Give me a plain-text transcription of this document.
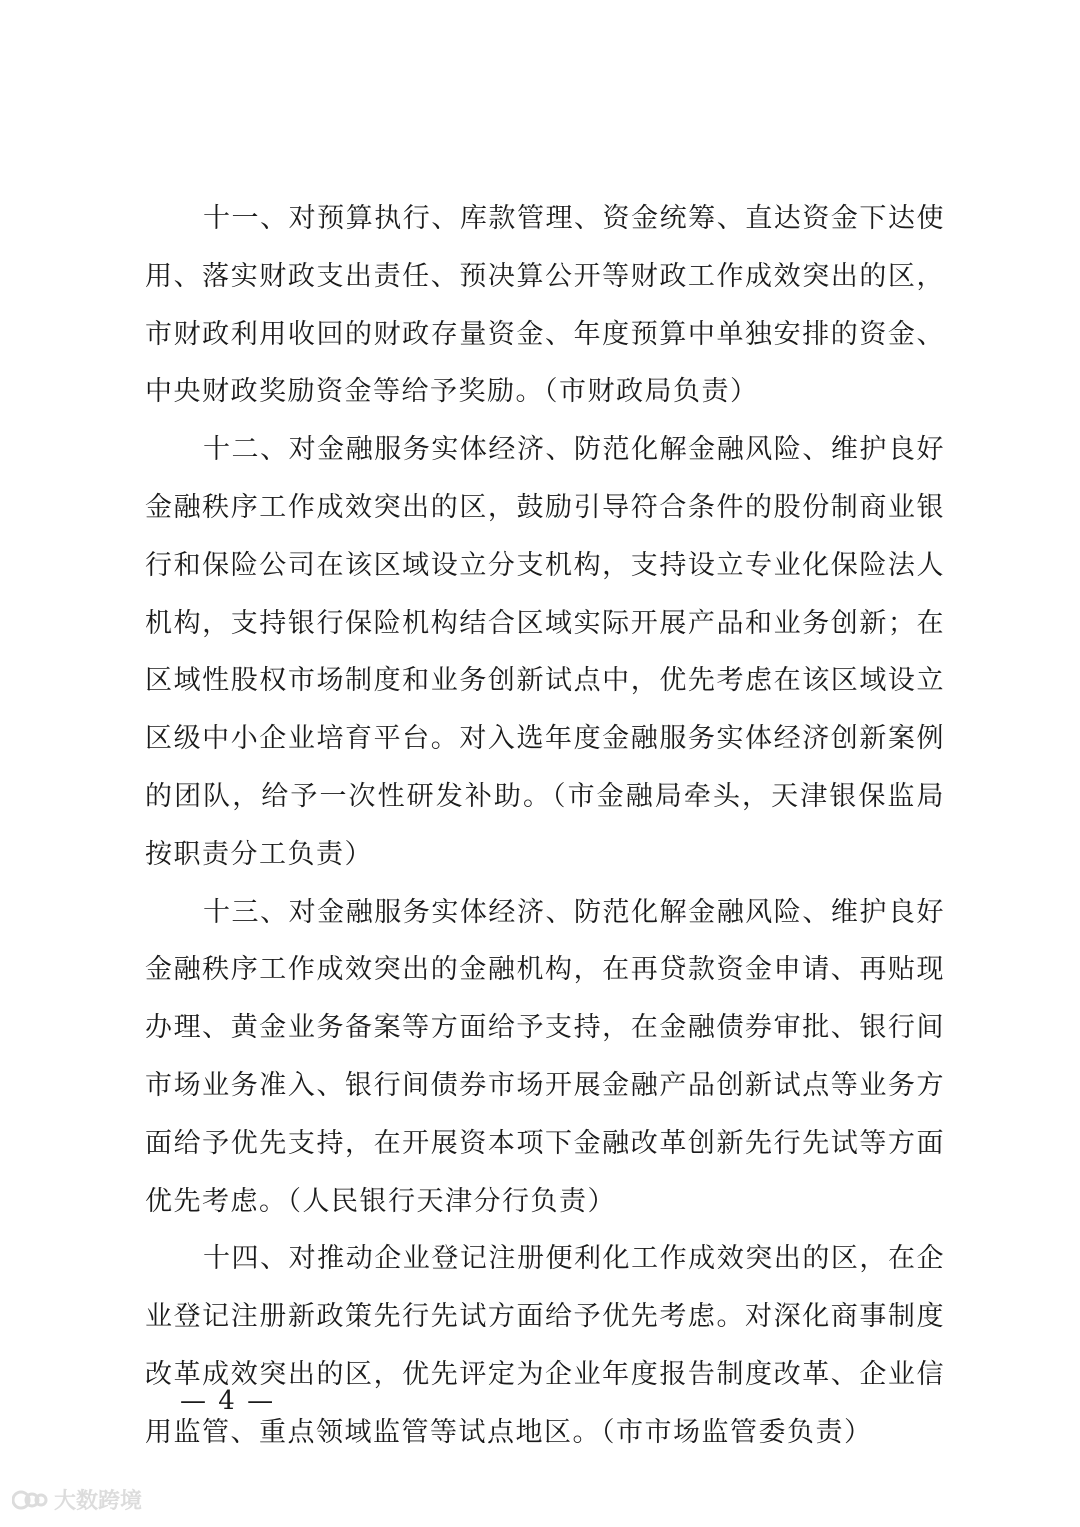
十一、对预算执行、库款管理、资金统筹、直达资金下达使用、落实财政支出责任、预决算公开等财政工作成效突出的区，市财政利用收回的财政存量资金、年度预算中单独安排的资金、中央财政奖励资金等给予奖励。（市财政局负责）

十二、对金融服务实体经济、防范化解金融风险、维护良好金融秩序工作成效突出的区，鼓励引导符合条件的股份制商业银行和保险公司在该区域设立分支机构，支持设立专业化保险法人机构，支持银行保险机构结合区域实际开展产品和业务创新；在区域性股权市场制度和业务创新试点中，优先考虑在该区域设立区级中小企业培育平台。对入选年度金融服务实体经济创新案例的团队，给予一次性研发补助。（市金融局牵头，天津银保监局按职责分工负责）

十三、对金融服务实体经济、防范化解金融风险、维护良好金融秩序工作成效突出的金融机构，在再贷款资金申请、再贴现办理、黄金业务备案等方面给予支持，在金融债券审批、银行间市场业务准入、银行间债券市场开展金融产品创新试点等业务方面给予优先支持，在开展资本项下金融改革创新先行先试等方面优先考虑。（人民银行天津分行负责）

十四、对推动企业登记注册便利化工作成效突出的区，在企业登记注册新政策先行先试方面给予优先考虑。对深化商事制度改革成效突出的区，优先评定为企业年度报告制度改革、企业信用监管、重点领域监管等试点地区。（市市场监管委负责）

— 4 —
大数跨境
